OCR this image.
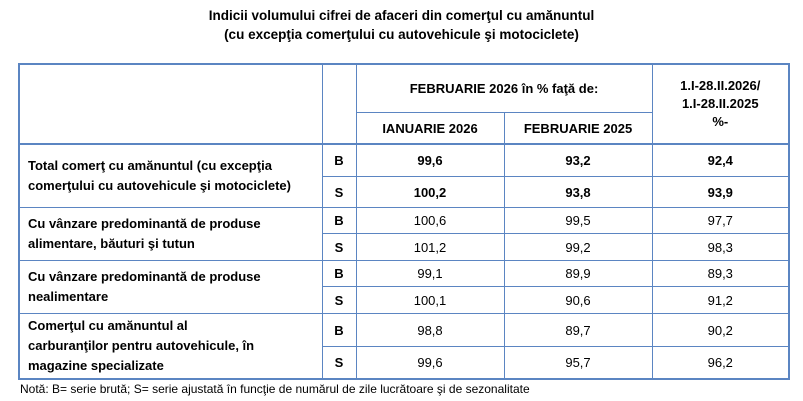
Indicii volumului cifrei de afaceri din comerţul cu amănuntul
(cu excepţia comerţului cu autovehicule şi motociclete)
		FEBRUARIE 2026 în % faţă de:		1.I-28.II.2026/
1.I-28.II.2025
%-

		IANUARIE 2026	FEBRUARIE 2025	

Total comerţ cu amănuntul (cu excepţia
comerţului cu autovehicule şi motociclete)	B	99,6	93,2	92,4
	S	100,2	93,8	93,9

Cu vânzare predominantă de produse
alimentare, băuturi şi tutun	B	100,6	99,5	97,7
	S	101,2	99,2	98,3

Cu vânzare predominantă de produse
nealimentare	B	99,1	89,9	89,3
	S	100,1	90,6	91,2

Comerţul cu amănuntul al
carburanţilor pentru autovehicule, în
magazine specializate	B	98,8	89,7	90,2
	S	99,6	95,7	96,2
Notă: B= serie brută; S= serie ajustată în funcţie de numărul de zile lucrătoare şi de sezonalitate
